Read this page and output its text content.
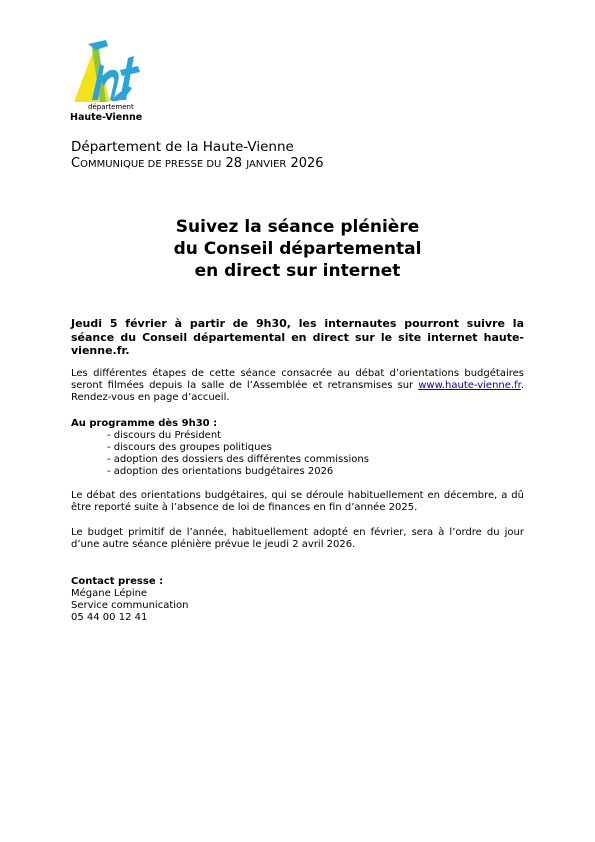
département
Haute-Vienne
Département de la Haute-Vienne
COMMUNIQUE DE PRESSE DU 28 JANVIER 2026
Suivez la séance plénière
du Conseil départemental
en direct sur internet
Jeudi 5 février à partir de 9h30, les internautes pourront suivre la séance du Conseil départemental en direct sur le site internet haute-vienne.fr.
Les différentes étapes de cette séance consacrée au débat d’orientations budgétaires seront filmées depuis la salle de l’Assemblée et retransmises sur www.haute-vienne.fr. Rendez-vous en page d’accueil.
Au programme dès 9h30 :
- discours du Président
- discours des groupes politiques
- adoption des dossiers des différentes commissions
- adoption des orientations budgétaires 2026
Le débat des orientations budgétaires, qui se déroule habituellement en décembre, a dû être reporté suite à l’absence de loi de finances en fin d’année 2025.
Le budget primitif de l’année, habituellement adopté en février, sera à l’ordre du jour d’une autre séance plénière prévue le jeudi 2 avril 2026.
Contact presse :
Mégane Lépine
Service communication
05 44 00 12 41
